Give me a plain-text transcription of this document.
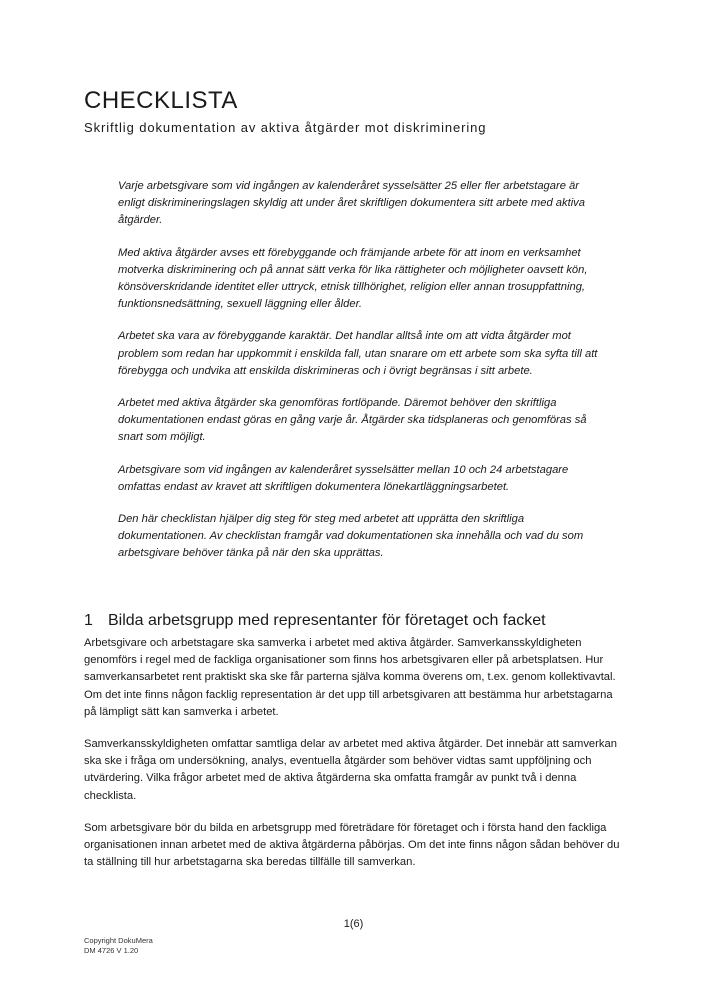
CHECKLISTA

Skriftlig dokumentation av aktiva åtgärder mot diskriminering

Varje arbetsgivare som vid ingången av kalenderåret sysselsätter 25 eller fler arbetstagare är enligt diskrimineringslagen skyldig att under året skriftligen dokumentera sitt arbete med aktiva åtgärder.

Med aktiva åtgärder avses ett förebyggande och främjande arbete för att inom en verksamhet motverka diskriminering och på annat sätt verka för lika rättigheter och möjligheter oavsett kön, könsöverskridande identitet eller uttryck, etnisk tillhörighet, religion eller annan trosuppfattning, funktionsnedsättning, sexuell läggning eller ålder.

Arbetet ska vara av förebyggande karaktär. Det handlar alltså inte om att vidta åtgärder mot problem som redan har uppkommit i enskilda fall, utan snarare om ett arbete som ska syfta till att förebygga och undvika att enskilda diskrimineras och i övrigt begränsas i sitt arbete.

Arbetet med aktiva åtgärder ska genomföras fortlöpande. Däremot behöver den skriftliga dokumentationen endast göras en gång varje år. Åtgärder ska tidsplaneras och genomföras så snart som möjligt.

Arbetsgivare som vid ingången av kalenderåret sysselsätter mellan 10 och 24 arbetstagare omfattas endast av kravet att skriftligen dokumentera lönekartläggningsarbetet.

Den här checklistan hjälper dig steg för steg med arbetet att upprätta den skriftliga dokumentationen. Av checklistan framgår vad dokumentationen ska innehålla och vad du som arbetsgivare behöver tänka på när den ska upprättas.

1 Bilda arbetsgrupp med representanter för företaget och facket

Arbetsgivare och arbetstagare ska samverka i arbetet med aktiva åtgärder. Samverkansskyldigheten genomförs i regel med de fackliga organisationer som finns hos arbetsgivaren eller på arbetsplatsen. Hur samverkansarbetet rent praktiskt ska ske får parterna själva komma överens om, t.ex. genom kollektivavtal. Om det inte finns någon facklig representation är det upp till arbetsgivaren att bestämma hur arbetstagarna på lämpligt sätt kan samverka i arbetet.

Samverkansskyldigheten omfattar samtliga delar av arbetet med aktiva åtgärder. Det innebär att samverkan ska ske i fråga om undersökning, analys, eventuella åtgärder som behöver vidtas samt uppföljning och utvärdering. Vilka frågor arbetet med de aktiva åtgärderna ska omfatta framgår av punkt två i denna checklista.

Som arbetsgivare bör du bilda en arbetsgrupp med företrädare för företaget och i första hand den fackliga organisationen innan arbetet med de aktiva åtgärderna påbörjas. Om det inte finns någon sådan behöver du ta ställning till hur arbetstagarna ska beredas tillfälle till samverkan.

1(6)
Copyright DokuMera
DM 4726 V 1.20
